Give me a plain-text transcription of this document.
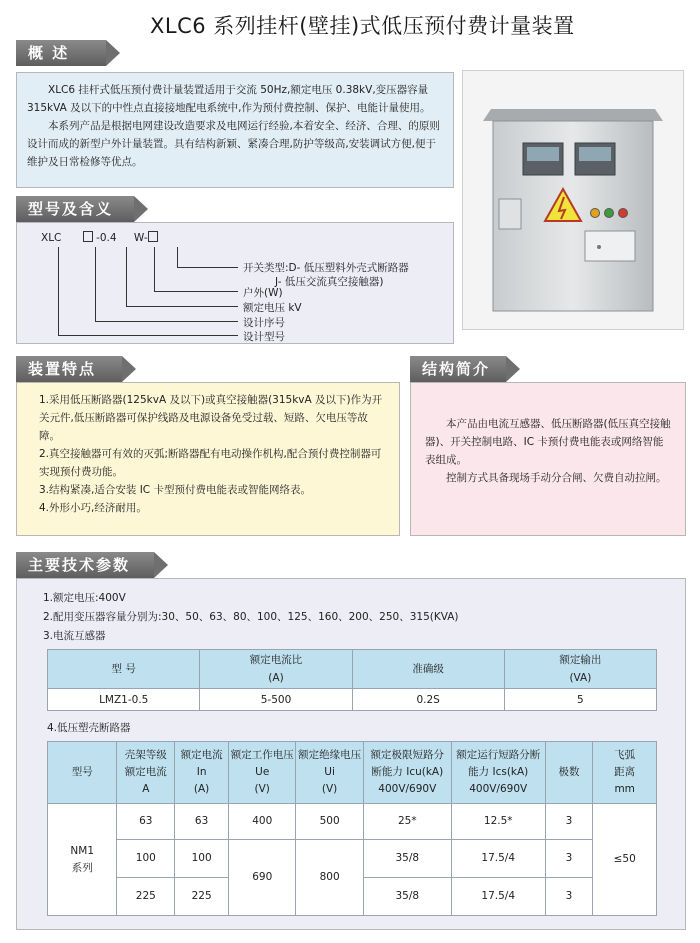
XLC6 系列挂杆(壁挂)式低压预付费计量装置
概 述

XLC6 挂杆式低压预付费计量装置适用于交流 50Hz,额定电压 0.38kV,变压器容量315kVA 及以下的中性点直接接地配电系统中,作为预付费控制、保护、电能计量使用。

本系列产品是根据电网建设改造要求及电网运行经验,本着安全、经济、合理、的原则设计而成的新型户外计量装置。具有结构新颖、紧凑合理,防护等级高,安装调试方便,便于维护及日常检修等优点。

型号及含义
XLC	-0.4 W-
开关类型:D- 低压塑料外壳式断路器
J- 低压交流真空接触器)
户外(W)
额定电压 kV
设计序号
设计型号
装置特点

1.采用低压断路器(125kvA 及以下)或真空接触器(315kvA 及以下)作为开关元件,低压断路器可保护线路及电源设备免受过载、短路、欠电压等故障。

2.真空接触器可有效的灭弧;断路器配有电动操作机构,配合预付费控制器可实现预付费功能。

3.结构紧凑,适合安装 IC 卡型预付费电能表或智能网络表。

4.外形小巧,经济耐用。

结构简介

本产品由电流互感器、低压断路器(低压真空接触器)、开关控制电路、IC 卡预付费电能表或网络智能表组成。

控制方式具备现场手动分合闸、欠费自动拉闸。

主要技术参数
1.额定电压:400V
2.配用变压器容量分别为:30、50、63、80、100、125、160、200、250、315(KVA)
3.电流互感器
型 号	额定电流比
(A)	准确级	额定输出
(VA)
LMZ1-0.5	5-500	0.2S	5
4.低压塑壳断路器
型号	壳架等级
额定电流
A	额定电流
In
(A)	额定工作电压
Ue
(V)	额定绝缘电压
Ui
(V)	额定极限短路分
断能力 Icu(kA)
400V/690V	额定运行短路分断
能力 Ics(kA)
400V/690V	极数	飞弧
距离
mm
NM1
系列	63	63	400	500	25*	12.5*	3	≤50
	100	100	690	800	35/8	17.5/4	3	
	225	225			35/8	17.5/4	3	
